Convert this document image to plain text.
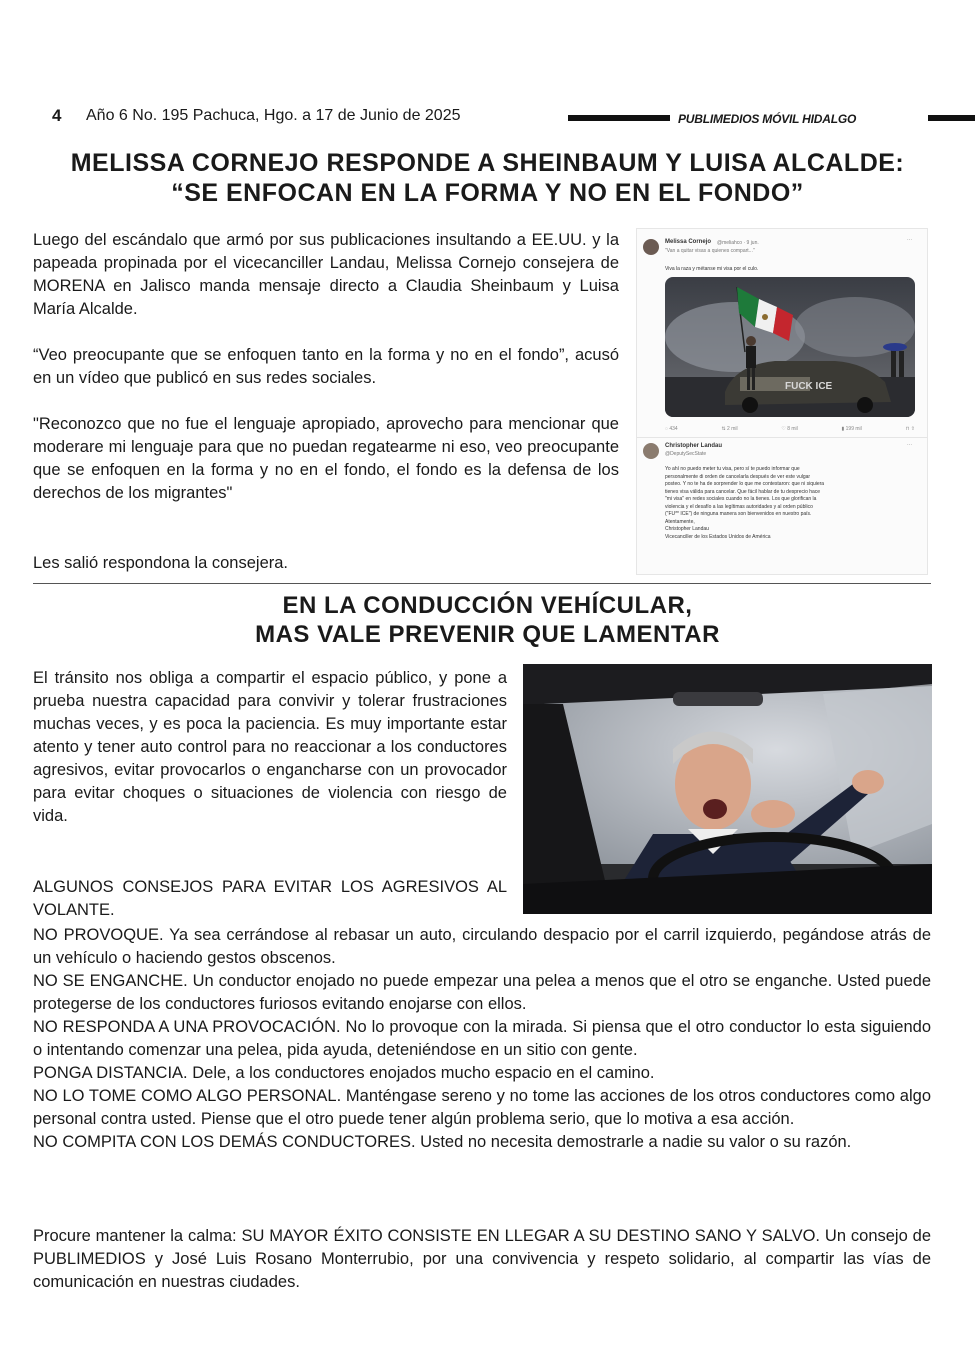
4 Año 6 No. 195 Pachuca, Hgo. a 17 de Junio de 2025	PUBLIMEDIOS MÓVIL HIDALGO
MELISSA CORNEJO RESPONDE A SHEINBAUM Y LUISA ALCALDE:
“SE ENFOCAN EN LA FORMA Y NO EN EL FONDO”

Luego del escándalo que armó por sus publicaciones insultando a EE.UU. y la papeada propinada por el vicecanciller Landau, Melissa Cornejo consejera de MORENA en Jalisco manda mensaje directo a Claudia Sheinbaum y Luisa María Alcalde.

“Veo preocupante que se enfoquen tanto en la forma y no en el fondo”, acusó en un vídeo que publicó en sus redes sociales.

"Reconozco que no fue el lenguaje apropiado, aprovecho para mencionar que moderare mi lenguaje para que no puedan regatearme ni eso, veo preocupante que se enfoquen en la forma y no en el fondo, el fondo es la defensa de los derechos de los migrantes"

Les salió respondona la consejera.

Melissa Cornejo @meliahco · 9 jun.	···
"Van a quitar visas a quienes compart..."
Viva la raza y métanse mi visa por el culo.
FUCK ICE
◌ 434	⇅ 2 mil	♡ 8 mil	▮ 199 mil	⊓ ⇧
Christopher Landau
@DeputySecState
···
Yo ahí no puedo meter tu visa, pero sí te puedo informar que
personalmente di orden de cancelarla después de ver este vulgar
posteo. Y no te ha de sorprender lo que me contestaron: que ni siquiera
tienes visa válida para cancelar. Que fácil hablar de tu desprecio hace
"mi visa" en redes sociales cuando no la tienes. Los que glorifican la
violencia y el desafío a las legítimas autoridades y al orden público
("FU** ICE") de ninguna manera son bienvenidos en nuestro país.
Atentamente,
Christopher Landau
Vicecanciller de los Estados Unidos de América
EN LA CONDUCCIÓN VEHÍCULAR,
MAS VALE PREVENIR QUE LAMENTAR

El tránsito nos obliga a compartir el espacio público, y pone a prueba nuestra capacidad para convivir y tolerar frustraciones muchas veces, y es poca la paciencia. Es muy importante estar atento y tener auto control para no reaccionar a los conductores agresivos, evitar provocarlos o engancharse con un provocador para evitar choques o situaciones de violencia con riesgo de vida.

ALGUNOS CONSEJOS PARA EVITAR LOS AGRESIVOS AL VOLANTE.

NO PROVOQUE. Ya sea cerrándose al rebasar un auto, circulando despacio por el carril izquierdo, pegándose atrás de un vehículo o haciendo gestos obscenos.

NO SE ENGANCHE. Un conductor enojado no puede empezar una pelea a menos que el otro se enganche. Usted puede protegerse de los conductores furiosos evitando enojarse con ellos.

NO RESPONDA A UNA PROVOCACIÓN. No lo provoque con la mirada. Si piensa que el otro conductor lo esta siguiendo o intentando comenzar una pelea, pida ayuda, deteniéndose en un sitio con gente.

PONGA DISTANCIA. Dele, a los conductores enojados mucho espacio en el camino.

NO LO TOME COMO ALGO PERSONAL. Manténgase sereno y no tome las acciones de los otros conductores como algo personal contra usted. Piense que el otro puede tener algún problema serio, que lo motiva a esa acción.

NO COMPITA CON LOS DEMÁS CONDUCTORES. Usted no necesita demostrarle a nadie su valor o su razón.

Procure mantener la calma: SU MAYOR ÉXITO CONSISTE EN LLEGAR A SU DESTINO SANO Y SALVO. Un consejo de PUBLIMEDIOS y José Luis Rosano Monterrubio, por una convivencia y respeto solidario, al compartir las vías de comunicación en nuestras ciudades.
